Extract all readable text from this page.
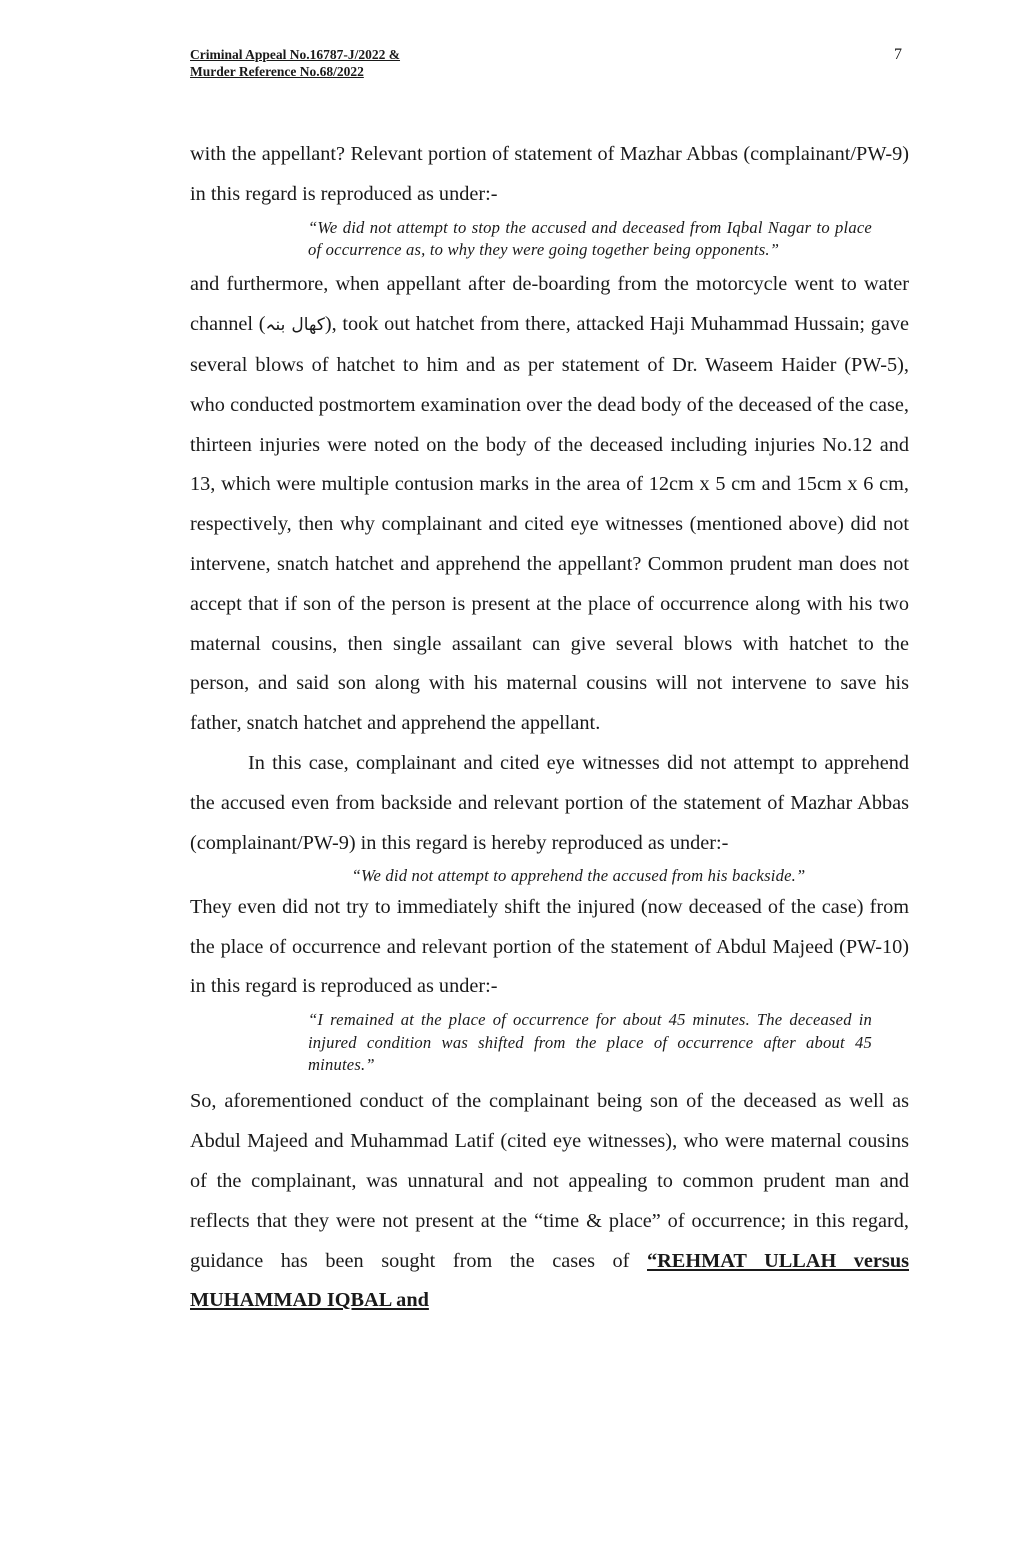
Criminal Appeal No.16787-J/2022 &
Murder Reference No.68/2022
7

with the appellant? Relevant portion of statement of Mazhar Abbas (complainant/PW-9) in this regard is reproduced as under:-

“We did not attempt to stop the accused and deceased from Iqbal Nagar to place of occurrence as, to why they were going together being opponents.”

and furthermore, when appellant after de-boarding from the motorcycle went to water channel (کھال بنہ), took out hatchet from there, attacked Haji Muhammad Hussain; gave several blows of hatchet to him and as per statement of Dr. Waseem Haider (PW-5), who conducted postmortem examination over the dead body of the deceased of the case, thirteen injuries were noted on the body of the deceased including injuries No.12 and 13, which were multiple contusion marks in the area of 12cm x 5 cm and 15cm x 6 cm, respectively, then why complainant and cited eye witnesses (mentioned above) did not intervene, snatch hatchet and apprehend the appellant? Common prudent man does not accept that if son of the person is present at the place of occurrence along with his two maternal cousins, then single assailant can give several blows with hatchet to the person, and said son along with his maternal cousins will not intervene to save his father, snatch hatchet and apprehend the appellant.

In this case, complainant and cited eye witnesses did not attempt to apprehend the accused even from backside and relevant portion of the statement of Mazhar Abbas (complainant/PW-9) in this regard is hereby reproduced as under:-

“We did not attempt to apprehend the accused from his backside.”

They even did not try to immediately shift the injured (now deceased of the case) from the place of occurrence and relevant portion of the statement of Abdul Majeed (PW-10) in this regard is reproduced as under:-

“I remained at the place of occurrence for about 45 minutes. The deceased in injured condition was shifted from the place of occurrence after about 45 minutes.”

So, aforementioned conduct of the complainant being son of the deceased as well as Abdul Majeed and Muhammad Latif (cited eye witnesses), who were maternal cousins of the complainant, was unnatural and not appealing to common prudent man and reflects that they were not present at the “time & place” of occurrence; in this regard, guidance has been sought from the cases of “REHMAT ULLAH versus MUHAMMAD IQBAL and
